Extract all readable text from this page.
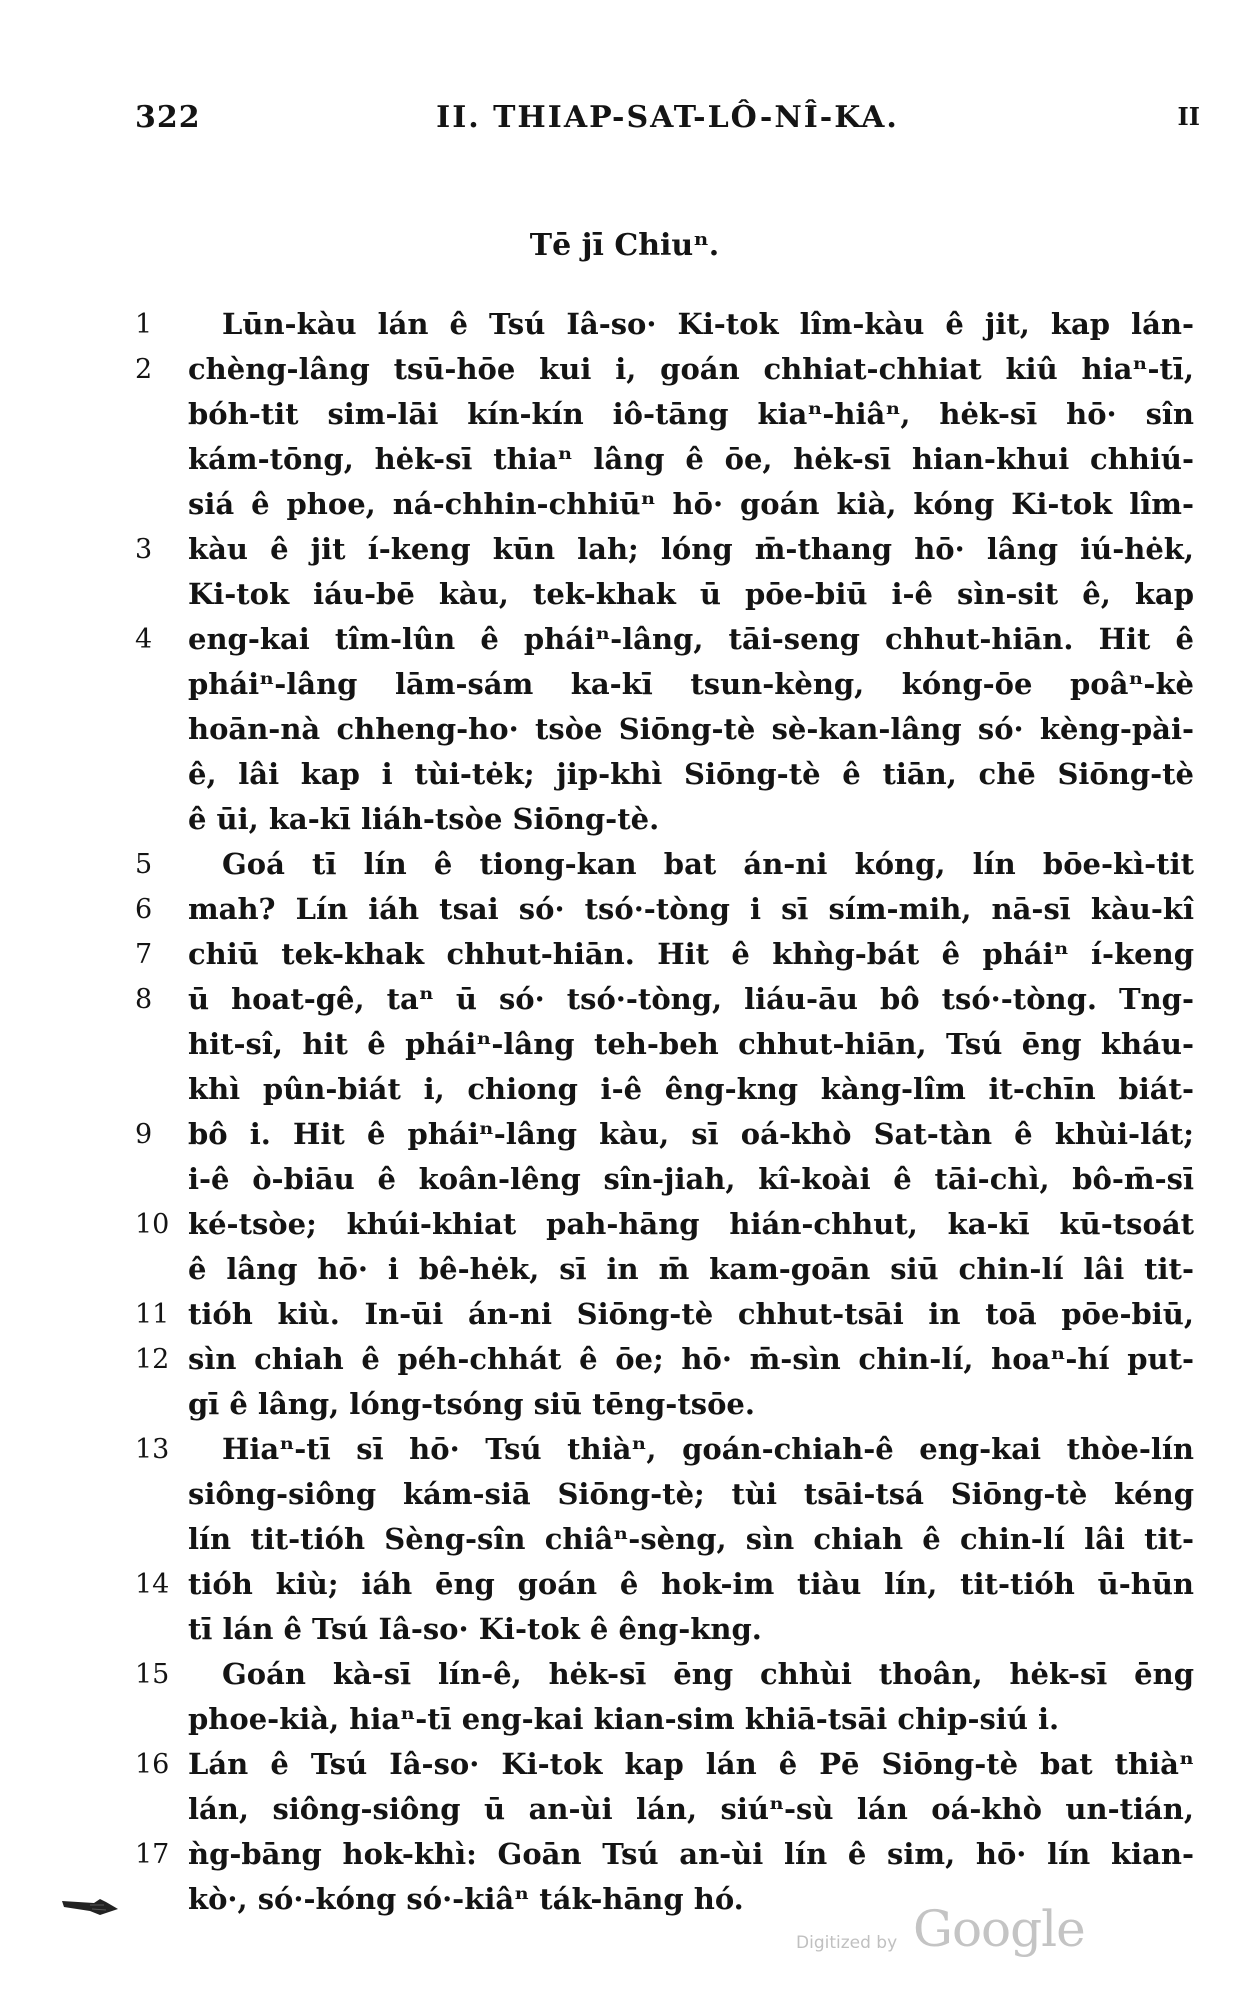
322	II. THIAP-SAT-LÔ-NÎ-KA.	II
Tē jī Chiuⁿ.
1	Lūn-kàu lán ê Tsú Iâ-so· Ki-tok lîm-kàu ê jit, kap lán-
2	chèng-lâng tsū-hōe kui i, goán chhiat-chhiat kiû hiaⁿ-tī,
bóh-tit sim-lāi kín-kín iô-tāng kiaⁿ-hiâⁿ, hėk-sī hō· sîn
kám-tōng, hėk-sī thiaⁿ lâng ê ōe, hėk-sī hian-khui chhiú-
siá ê phoe, ná-chhin-chhiūⁿ hō· goán kià, kóng Ki-tok lîm-
3	kàu ê jit í-keng kūn lah; lóng m̄-thang hō· lâng iú-hėk,
Ki-tok iáu-bē kàu, tek-khak ū pōe-biū i-ê sìn-sit ê, kap
4	eng-kai tîm-lûn ê pháiⁿ-lâng, tāi-seng chhut-hiān. Hit ê
pháiⁿ-lâng lām-sám ka-kī tsun-kèng, kóng-ōe poâⁿ-kè
hoān-nà chheng-ho· tsòe Siōng-tè sè-kan-lâng só· kèng-pài-
ê, lâi kap i tùi-tėk; jip-khì Siōng-tè ê tiān, chē Siōng-tè
ê ūi, ka-kī liáh-tsòe Siōng-tè.
5	Goá tī lín ê tiong-kan bat án-ni kóng, lín bōe-kì-tit
6	mah? Lín iáh tsai só· tsó·-tòng i sī sím-mih, nā-sī kàu-kî
7	chiū tek-khak chhut-hiān. Hit ê khǹg-bát ê pháiⁿ í-keng
8	ū hoat-gê, taⁿ ū só· tsó·-tòng, liáu-āu bô tsó·-tòng. Tng-
hit-sî, hit ê pháiⁿ-lâng teh-beh chhut-hiān, Tsú ēng kháu-
khì pûn-biát i, chiong i-ê êng-kng kàng-lîm it-chīn biát-
9	bô i. Hit ê pháiⁿ-lâng kàu, sī oá-khò Sat-tàn ê khùi-lát;
i-ê ò-biāu ê koân-lêng sîn-jiah, kî-koài ê tāi-chì, bô-m̄-sī
10 ké-tsòe; khúi-khiat pah-hāng hián-chhut, ka-kī kū-tsoát
ê lâng hō· i bê-hėk, sī in m̄ kam-goān siū chin-lí lâi tit-
11 tióh kiù. In-ūi án-ni Siōng-tè chhut-tsāi in toā pōe-biū,
12 sìn chiah ê péh-chhát ê ōe; hō· m̄-sìn chin-lí, hoaⁿ-hí put-
gī ê lâng, lóng-tsóng siū tēng-tsōe.
13 Hiaⁿ-tī sī hō· Tsú thiàⁿ, goán-chiah-ê eng-kai thòe-lín
siông-siông kám-siā Siōng-tè; tùi tsāi-tsá Siōng-tè kéng
lín tit-tióh Sèng-sîn chiâⁿ-sèng, sìn chiah ê chin-lí lâi tit-
14 tióh kiù; iáh ēng goán ê hok-im tiàu lín, tit-tióh ū-hūn
tī lán ê Tsú Iâ-so· Ki-tok ê êng-kng.
15 Goán kà-sī lín-ê, hėk-sī ēng chhùi thoân, hėk-sī ēng
phoe-kià, hiaⁿ-tī eng-kai kian-sim khiā-tsāi chip-siú i.
16 Lán ê Tsú Iâ-so· Ki-tok kap lán ê Pē Siōng-tè bat thiàⁿ
lán, siông-siông ū an-ùi lán, siúⁿ-sù lán oá-khò un-tián,
17 ǹg-bāng hok-khì: Goān Tsú an-ùi lín ê sim, hō· lín kian-
kò·, só·-kóng só·-kiâⁿ ták-hāng hó.
Digitized by Google
